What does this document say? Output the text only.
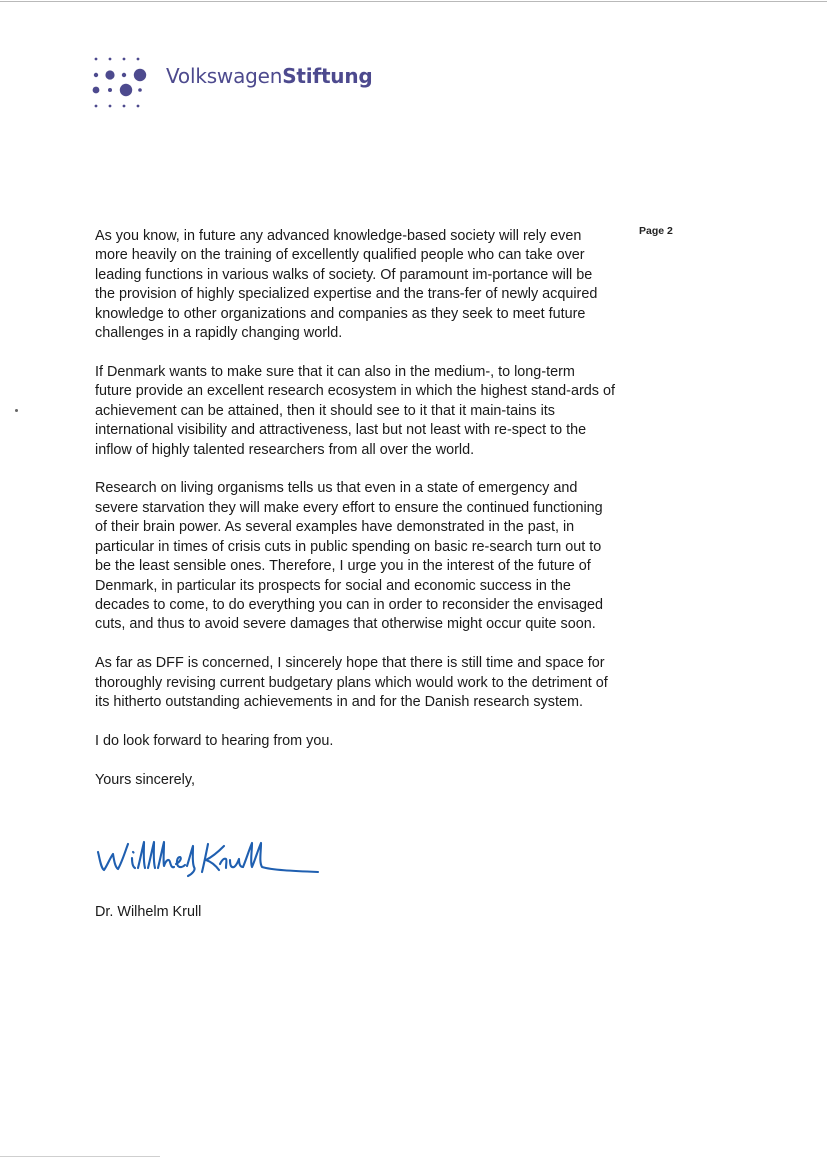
VolkswagenStiftung
Page 2

As you know, in future any advanced knowledge-based society will rely even more heavily on the training of excellently qualified people who can take over leading functions in various walks of society. Of paramount im-portance will be the provision of highly specialized expertise and the trans-fer of newly acquired knowledge to other organizations and companies as they seek to meet future challenges in a rapidly changing world.

If Denmark wants to make sure that it can also in the medium-, to long-term future provide an excellent research ecosystem in which the highest stand-ards of achievement can be attained, then it should see to it that it main-tains its international visibility and attractiveness, last but not least with re-spect to the inflow of highly talented researchers from all over the world.

Research on living organisms tells us that even in a state of emergency and severe starvation they will make every effort to ensure the continued functioning of their brain power. As several examples have demonstrated in the past, in particular in times of crisis cuts in public spending on basic re-search turn out to be the least sensible ones. Therefore, I urge you in the interest of the future of Denmark, in particular its prospects for social and economic success in the decades to come, to do everything you can in order to reconsider the envisaged cuts, and thus to avoid severe damages that otherwise might occur quite soon.

As far as DFF is concerned, I sincerely hope that there is still time and space for thoroughly revising current budgetary plans which would work to the detriment of its hitherto outstanding achievements in and for the Danish research system.

I do look forward to hearing from you.

Yours sincerely,

Dr. Wilhelm Krull
